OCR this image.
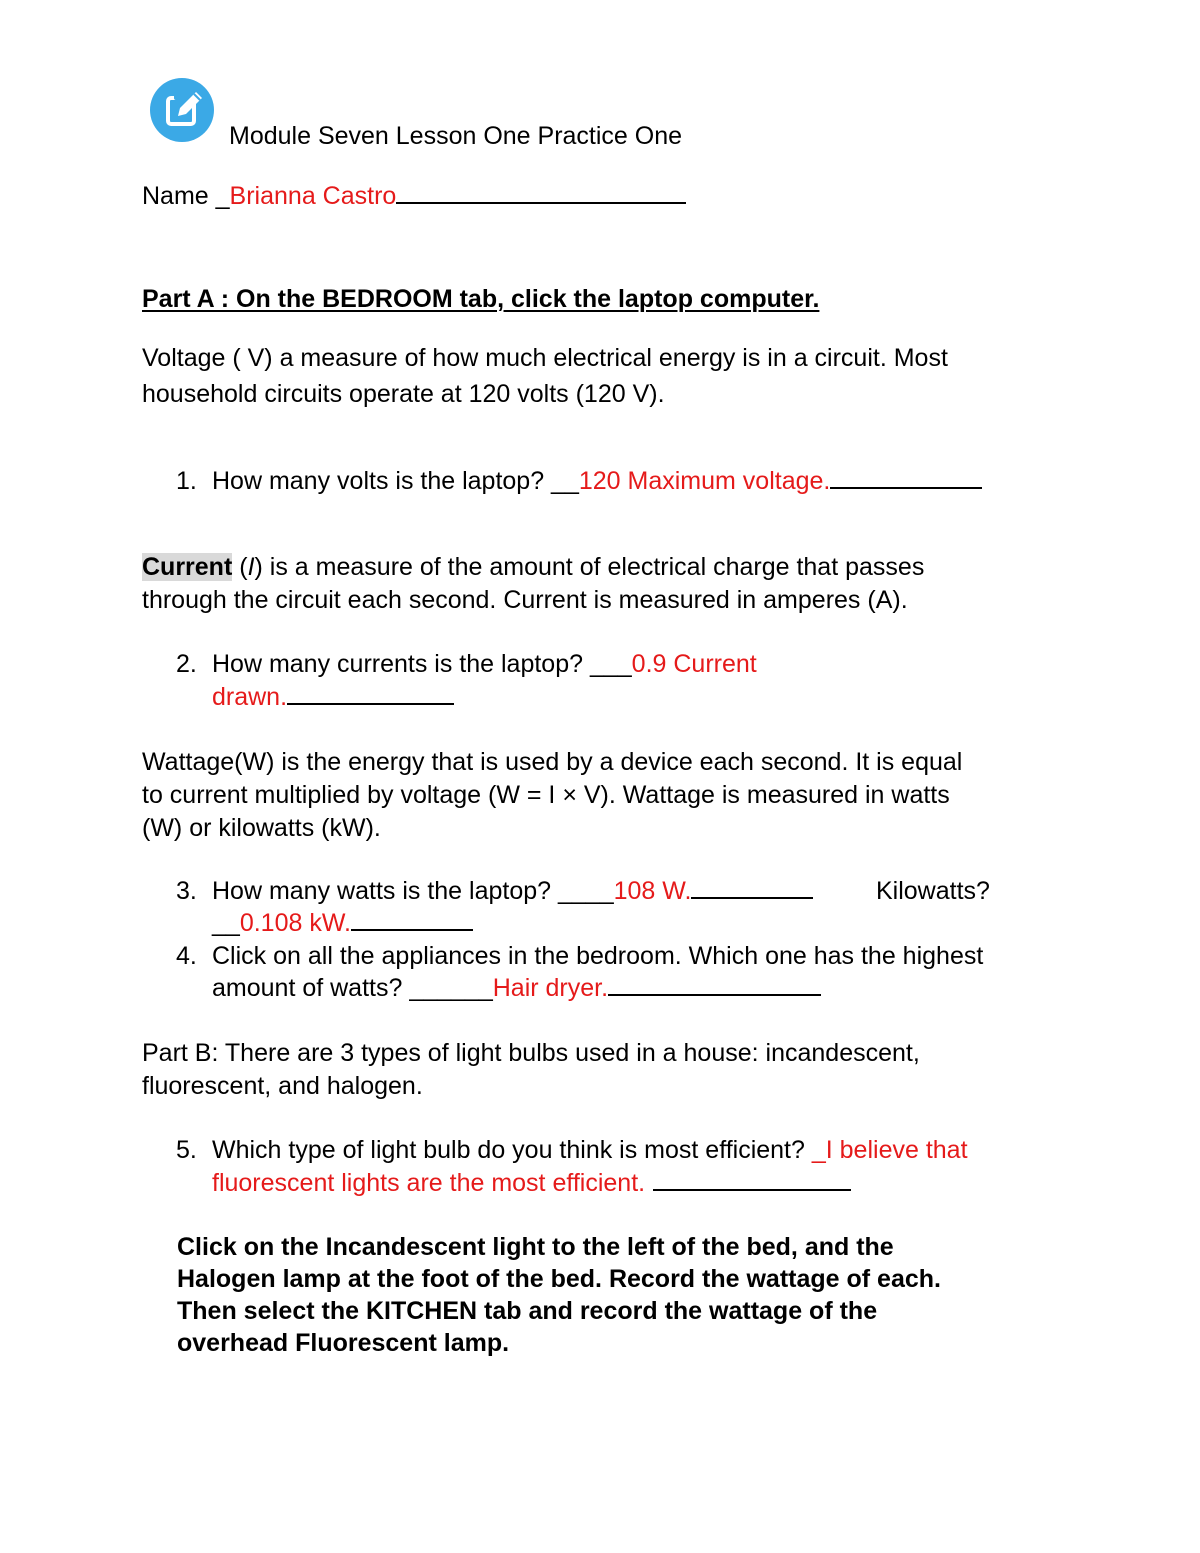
Module Seven Lesson One Practice One
Name _Brianna Castro
Part A : On the BEDROOM tab, click the laptop computer.
Voltage ( V) a measure of how much electrical energy is in a circuit. Most
household circuits operate at 120 volts (120 V).
1. How many volts is the laptop? __120 Maximum voltage.
Current (I) is a measure of the amount of electrical charge that passes
through the circuit each second. Current is measured in amperes (A).
2. How many currents is the laptop? ___0.9 Current
drawn.
Wattage(W) is the energy that is used by a device each second. It is equal
to current multiplied by voltage (W = I × V). Wattage is measured in watts
(W) or kilowatts (kW).
3. How many watts is the laptop? ____108 W.	Kilowatts?
__0.108 kW.
4. Click on all the appliances in the bedroom. Which one has the highest
amount of watts? ______Hair dryer.
Part B: There are 3 types of light bulbs used in a house: incandescent,
fluorescent, and halogen.
5. Which type of light bulb do you think is most efficient? _I believe that
fluorescent lights are the most efficient.
Click on the Incandescent light to the left of the bed, and the
Halogen lamp at the foot of the bed. Record the wattage of each.
Then select the KITCHEN tab and record the wattage of the
overhead Fluorescent lamp.
